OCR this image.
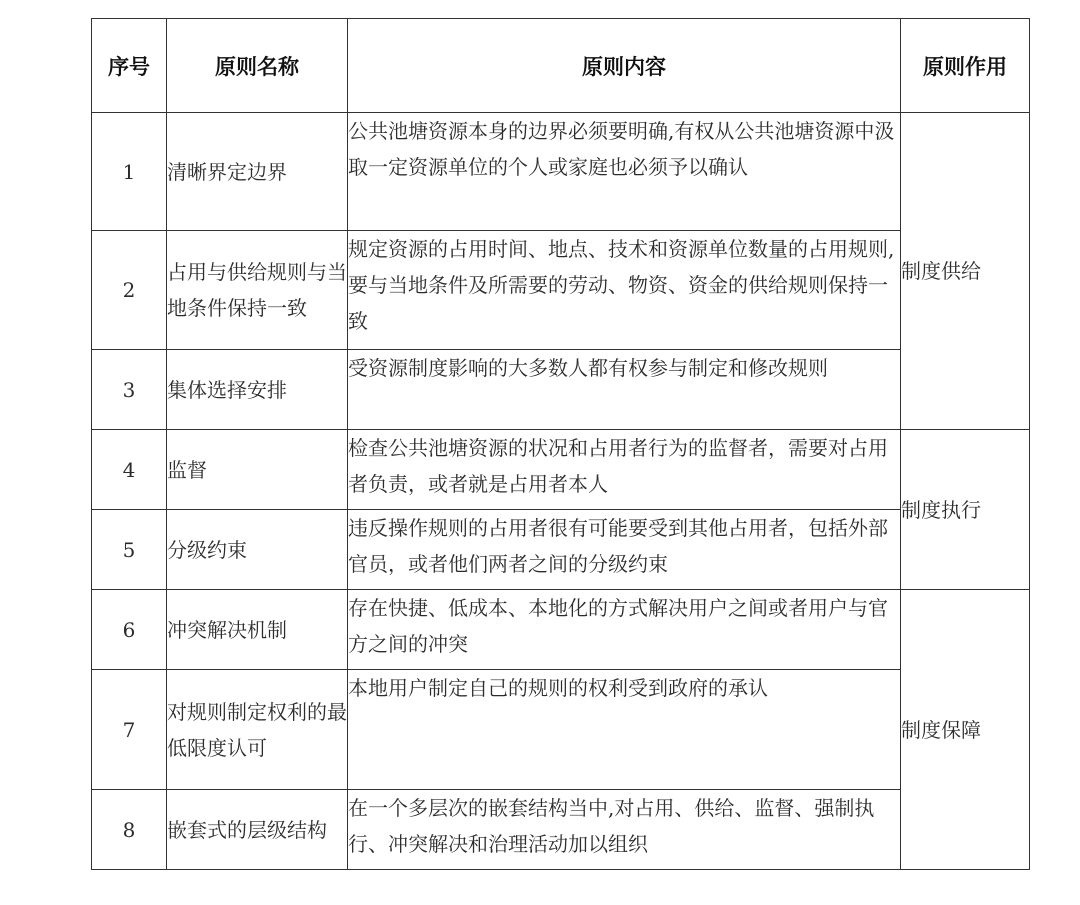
序号	原则名称	原则内容	原则作用
1	清晰界定边界	公共池塘资源本身的边界必须要明确,有权从公共池塘资源中汲取一定资源单位的个人或家庭也必须予以确认	制度供给
2	占用与供给规则与当地条件保持一致	规定资源的占用时间、地点、技术和资源单位数量的占用规则,要与当地条件及所需要的劳动、物资、资金的供给规则保持一致	
3	集体选择安排	受资源制度影响的大多数人都有权参与制定和修改规则	
4	监督	检查公共池塘资源的状况和占用者行为的监督者，需要对占用者负责，或者就是占用者本人	制度执行
5	分级约束	违反操作规则的占用者很有可能要受到其他占用者，包括外部官员，或者他们两者之间的分级约束	
6	冲突解决机制	存在快捷、低成本、本地化的方式解决用户之间或者用户与官方之间的冲突	制度保障
7	对规则制定权利的最低限度认可	本地用户制定自己的规则的权利受到政府的承认	
8	嵌套式的层级结构	在一个多层次的嵌套结构当中,对占用、供给、监督、强制执行、冲突解决和治理活动加以组织	
